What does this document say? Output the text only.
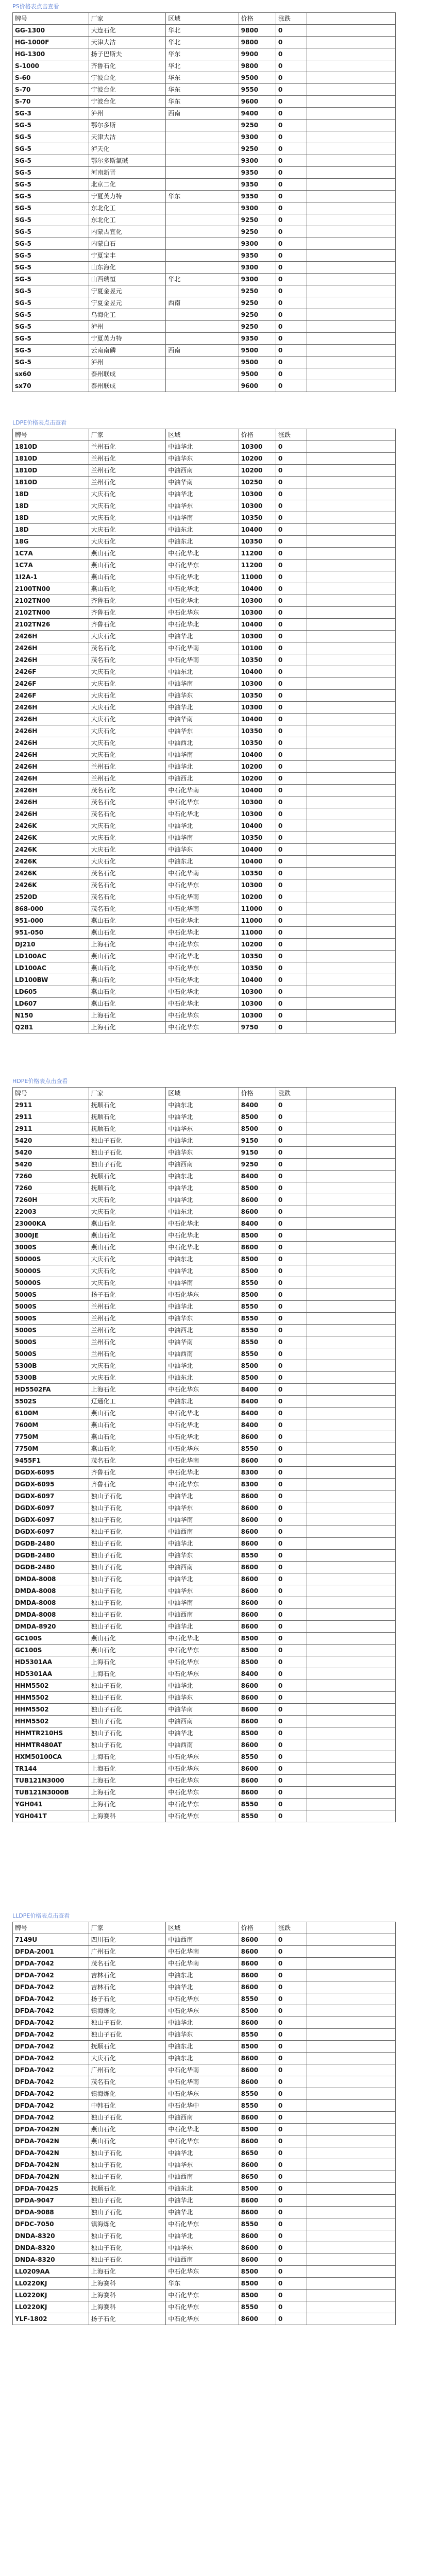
PS价格表点击查看
牌号	厂家	区域	价格	涨跌	
GG-1300	大连石化	华北	9800	0	
HG-1000F	天津大沽	华北	9800	0	
HG-1300	扬子巴斯夫	华东	9900	0	
S-1000	齐鲁石化	华北	9800	0	
S-60	宁波台化	华东	9500	0	
S-70	宁波台化	华东	9550	0	
S-70	宁波台化	华东	9600	0	
SG-3	泸州	西南	9400	0	
SG-5	鄂尔多斯		9250	0	
SG-5	天津大沽		9300	0	
SG-5	泸天化		9250	0	
SG-5	鄂尔多斯氯碱		9300	0	
SG-5	河南新晋		9350	0	
SG-5	北京二化		9350	0	
SG-5	宁夏英力特	华东	9350	0	
SG-5	东北化工		9300	0	
SG-5	东北化工		9250	0	
SG-5	内蒙古宜化		9250	0	
SG-5	内蒙白石		9300	0	
SG-5	宁夏宝丰		9350	0	
SG-5	山东海化		9300	0	
SG-5	山西瑞恒	华北	9300	0	
SG-5	宁夏金昱元		9250	0	
SG-5	宁夏金昱元	西南	9250	0	
SG-5	乌海化工		9250	0	
SG-5	泸州		9250	0	
SG-5	宁夏英力特		9350	0	
SG-5	云南南磷	西南	9500	0	
SG-5	泸州		9500	0	
sx60	泰州联成		9500	0	
sx70	泰州联成		9600	0	
LDPE价格表点击查看
牌号	厂家	区域	价格	涨跌	
1810D	兰州石化	中油华北	10300	0	
1810D	兰州石化	中油华东	10200	0	
1810D	兰州石化	中油西南	10200	0	
1810D	兰州石化	中油华南	10250	0	
18D	大庆石化	中油华北	10300	0	
18D	大庆石化	中油华东	10300	0	
18D	大庆石化	中油华南	10350	0	
18D	大庆石化	中油东北	10400	0	
18G	大庆石化	中油东北	10350	0	
1C7A	燕山石化	中石化华北	11200	0	
1C7A	燕山石化	中石化华东	11200	0	
1I2A-1	燕山石化	中石化华北	11000	0	
2100TN00	燕山石化	中石化华北	10400	0	
2102TN00	齐鲁石化	中石化华北	10300	0	
2102TN00	齐鲁石化	中石化华东	10300	0	
2102TN26	齐鲁石化	中石化华北	10400	0	
2426H	大庆石化	中油华北	10300	0	
2426H	茂名石化	中石化华南	10100	0	
2426H	茂名石化	中石化华南	10350	0	
2426F	大庆石化	中油东北	10400	0	
2426F	大庆石化	中油华南	10300	0	
2426F	大庆石化	中油华东	10350	0	
2426H	大庆石化	中油华北	10300	0	
2426H	大庆石化	中油华南	10400	0	
2426H	大庆石化	中油华东	10350	0	
2426H	大庆石化	中油西北	10350	0	
2426H	大庆石化	中油华南	10400	0	
2426H	兰州石化	中油华北	10200	0	
2426H	兰州石化	中油西北	10200	0	
2426H	茂名石化	中石化华南	10400	0	
2426H	茂名石化	中石化华东	10300	0	
2426H	茂名石化	中石化华北	10300	0	
2426K	大庆石化	中油华北	10400	0	
2426K	大庆石化	中油华南	10350	0	
2426K	大庆石化	中油华东	10400	0	
2426K	大庆石化	中油东北	10400	0	
2426K	茂名石化	中石化华南	10350	0	
2426K	茂名石化	中石化华东	10300	0	
2520D	茂名石化	中石化华南	10200	0	
868-000	茂名石化	中石化华南	11000	0	
951-000	燕山石化	中石化华北	11000	0	
951-050	燕山石化	中石化华北	11000	0	
DJ210	上海石化	中石化华东	10200	0	
LD100AC	燕山石化	中石化华北	10350	0	
LD100AC	燕山石化	中石化华东	10350	0	
LD100BW	燕山石化	中石化华北	10400	0	
LD605	燕山石化	中石化华北	10300	0	
LD607	燕山石化	中石化华北	10300	0	
N150	上海石化	中石化华东	10300	0	
Q281	上海石化	中石化华东	9750	0	
HDPE价格表点击查看
牌号	厂家	区域	价格	涨跌	
2911	抚顺石化	中油东北	8400	0	
2911	抚顺石化	中油华北	8500	0	
2911	抚顺石化	中油华东	8500	0	
5420	独山子石化	中油华北	9150	0	
5420	独山子石化	中油华东	9150	0	
5420	独山子石化	中油西南	9250	0	
7260	抚顺石化	中油东北	8400	0	
7260	抚顺石化	中油华北	8500	0	
7260H	大庆石化	中油华北	8600	0	
22003	大庆石化	中油东北	8600	0	
23000KA	燕山石化	中石化华北	8400	0	
3000JE	燕山石化	中石化华北	8500	0	
3000S	燕山石化	中石化华北	8600	0	
50000S	大庆石化	中油东北	8500	0	
50000S	大庆石化	中油华北	8500	0	
50000S	大庆石化	中油华南	8550	0	
5000S	扬子石化	中石化华东	8500	0	
5000S	兰州石化	中油华北	8550	0	
5000S	兰州石化	中油华东	8550	0	
5000S	兰州石化	中油西北	8550	0	
5000S	兰州石化	中油华南	8550	0	
5000S	兰州石化	中油西南	8550	0	
5300B	大庆石化	中油华北	8500	0	
5300B	大庆石化	中油东北	8500	0	
HD5502FA	上海石化	中石化华东	8400	0	
5502S	辽通化工	中油东北	8400	0	
6100M	燕山石化	中石化华北	8400	0	
7600M	燕山石化	中石化华北	8400	0	
7750M	燕山石化	中石化华北	8600	0	
7750M	燕山石化	中石化华东	8550	0	
9455F1	茂名石化	中石化华南	8600	0	
DGDX-6095	齐鲁石化	中石化华北	8300	0	
DGDX-6095	齐鲁石化	中石化华东	8300	0	
DGDX-6097	独山子石化	中油华北	8600	0	
DGDX-6097	独山子石化	中油华东	8600	0	
DGDX-6097	独山子石化	中油华南	8600	0	
DGDX-6097	独山子石化	中油西南	8600	0	
DGDB-2480	独山子石化	中油华北	8600	0	
DGDB-2480	独山子石化	中油华东	8550	0	
DGDB-2480	独山子石化	中油西南	8600	0	
DMDA-8008	独山子石化	中油华北	8600	0	
DMDA-8008	独山子石化	中油华东	8600	0	
DMDA-8008	独山子石化	中油华南	8600	0	
DMDA-8008	独山子石化	中油西南	8600	0	
DMDA-8920	独山子石化	中油华北	8600	0	
GC100S	燕山石化	中石化华北	8500	0	
GC100S	燕山石化	中石化华东	8500	0	
HD5301AA	上海石化	中石化华东	8500	0	
HD5301AA	上海石化	中石化华东	8400	0	
HHM5502	独山子石化	中油华北	8600	0	
HHM5502	独山子石化	中油华东	8600	0	
HHM5502	独山子石化	中油华南	8600	0	
HHM5502	独山子石化	中油西南	8600	0	
HHMTR210HS	独山子石化	中油华北	8500	0	
HHMTR480AT	独山子石化	中油西南	8600	0	
HXM50100CA	上海石化	中石化华东	8550	0	
TR144	上海石化	中石化华东	8600	0	
TUB121N3000	上海石化	中石化华东	8600	0	
TUB121N3000B	上海石化	中石化华东	8600	0	
YGH041	上海石化	中石化华东	8550	0	
YGH041T	上海赛科	中石化华东	8550	0	
LLDPE价格表点击查看
牌号	厂家	区域	价格	涨跌	
7149U	四川石化	中油西南	8600	0	
DFDA-2001	广州石化	中石化华南	8600	0	
DFDA-7042	茂名石化	中石化华南	8600	0	
DFDA-7042	吉林石化	中油东北	8600	0	
DFDA-7042	吉林石化	中油华北	8600	0	
DFDA-7042	扬子石化	中石化华东	8550	0	
DFDA-7042	镇海炼化	中石化华东	8500	0	
DFDA-7042	独山子石化	中油华北	8600	0	
DFDA-7042	独山子石化	中油华东	8550	0	
DFDA-7042	抚顺石化	中油东北	8500	0	
DFDA-7042	大庆石化	中油东北	8600	0	
DFDA-7042	广州石化	中石化华南	8600	0	
DFDA-7042	茂名石化	中石化华南	8600	0	
DFDA-7042	镇海炼化	中石化华东	8550	0	
DFDA-7042	中韩石化	中石化华中	8550	0	
DFDA-7042	独山子石化	中油西南	8600	0	
DFDA-7042N	燕山石化	中石化华北	8500	0	
DFDA-7042N	燕山石化	中石化华东	8600	0	
DFDA-7042N	独山子石化	中油华北	8650	0	
DFDA-7042N	独山子石化	中油华东	8600	0	
DFDA-7042N	独山子石化	中油西南	8650	0	
DFDA-7042S	抚顺石化	中油东北	8500	0	
DFDA-9047	独山子石化	中油华北	8600	0	
DFDA-9088	独山子石化	中油华北	8600	0	
DFDC-7050	镇海炼化	中石化华东	8550	0	
DNDA-8320	独山子石化	中油华北	8600	0	
DNDA-8320	独山子石化	中油华东	8600	0	
DNDA-8320	独山子石化	中油西南	8600	0	
LL0209AA	上海石化	中石化华东	8500	0	
LL0220KJ	上海赛科	华东	8500	0	
LL0220KJ	上海赛科	中石化华东	8500	0	
LL0220KJ	上海赛科	中石化华东	8550	0	
YLF-1802	扬子石化	中石化华东	8600	0	
